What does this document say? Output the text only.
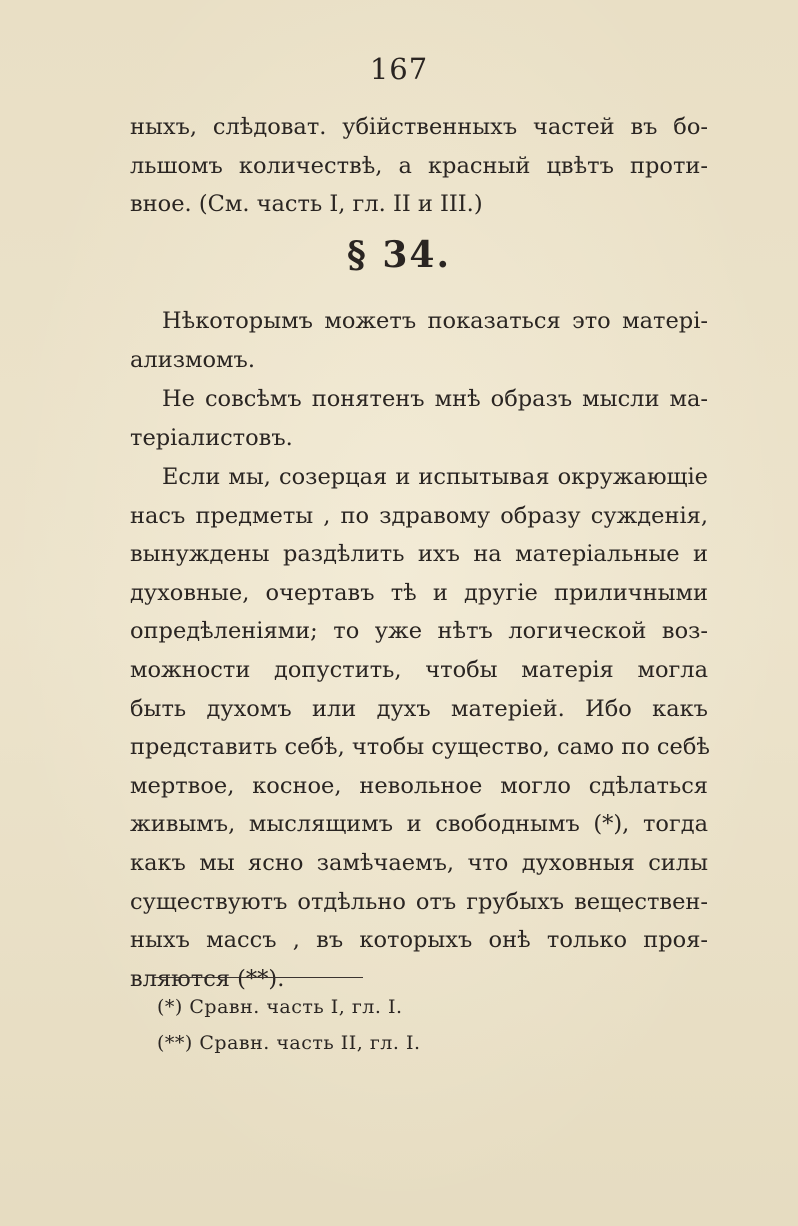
167
ныхъ, слѣдоват. убійственныхъ частей въ бо-
льшомъ количествѣ, а красный цвѣтъ проти-
вное. (См. часть I, гл. II и III.)
§ 34.
Нѣкоторымъ можетъ показаться это матері-
ализмомъ.
Не совсѣмъ понятенъ мнѣ образъ мысли ма-
теріалистовъ.
Если мы, созерцая и испытывая окружающіе
насъ предметы , по здравому образу сужденія,
вынуждены раздѣлить ихъ на матеріальные и
духовные, очертавъ тѣ и другіе приличными
опредѣленіями; то уже нѣтъ логической воз-
можности допустить, чтобы матерія могла
быть духомъ или духъ матеріей. Ибо какъ
представить себѣ, чтобы существо, само по себѣ
мертвое, косное, невольное могло сдѣлаться
живымъ, мыслящимъ и свободнымъ (*), тогда
какъ мы ясно замѣчаемъ, что духовныя силы
существуютъ отдѣльно отъ грубыхъ веществен-
ныхъ массъ , въ которыхъ онѣ только проя-
вляются (**).
(*) Сравн. часть I, гл. I.
(**) Сравн. часть II, гл. I.
